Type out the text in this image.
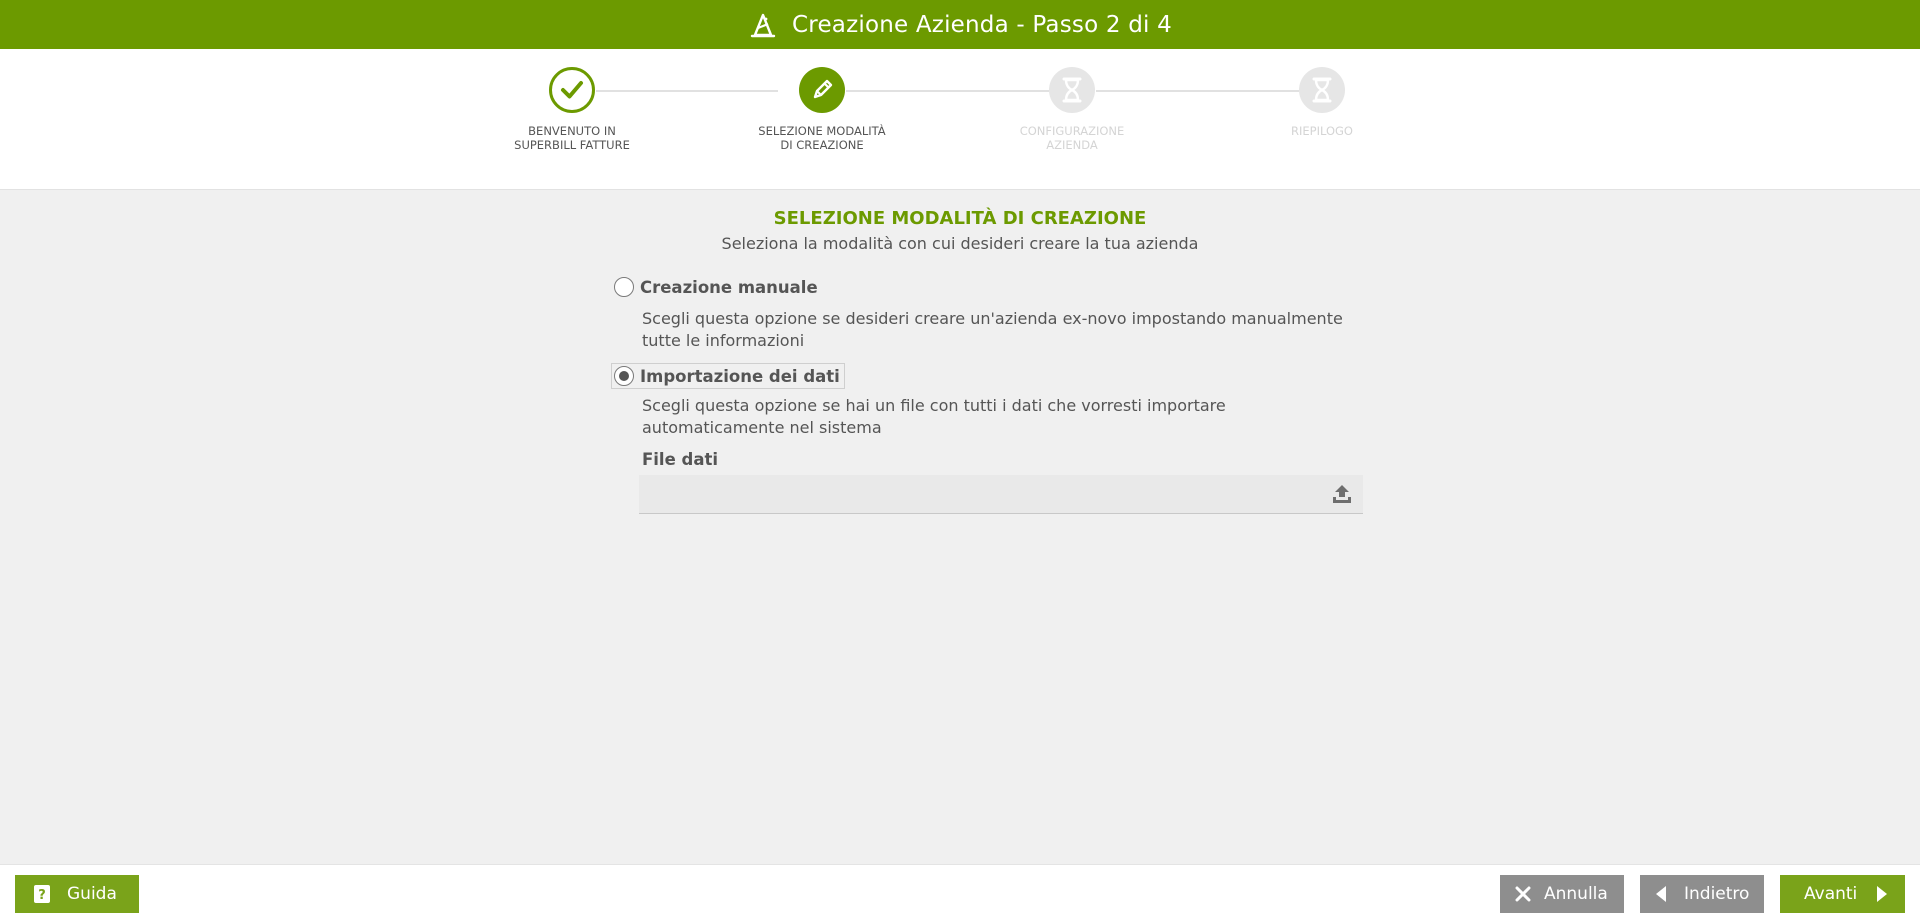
Creazione Azienda - Passo 2 di 4
BENVENUTO IN SUPERBILL FATTURE
SELEZIONE MODALITÀ DI CREAZIONE
CONFIGURAZIONE AZIENDA
RIEPILOGO
SELEZIONE MODALITÀ DI CREAZIONE
Seleziona la modalità con cui desideri creare la tua azienda
Creazione manuale
Scegli questa opzione se desideri creare un'azienda ex-novo impostando manualmente tutte le informazioni
Importazione dei dati
Scegli questa opzione se hai un file con tutti i dati che vorresti importare automaticamente nel sistema
File dati
? Guida	Annulla	Indietro	Avanti
